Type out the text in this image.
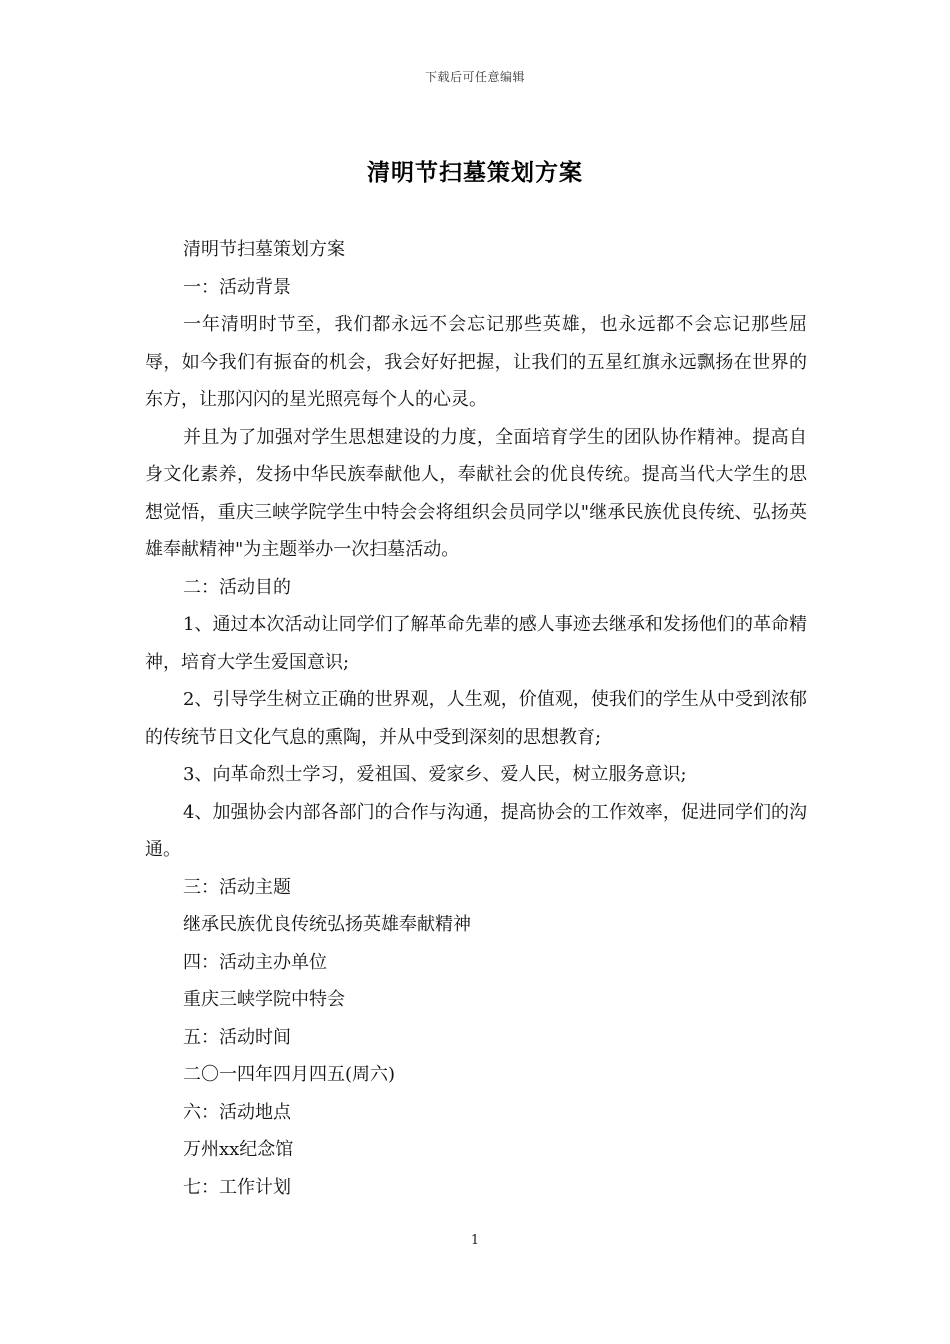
下载后可任意编辑
清明节扫墓策划方案

清明节扫墓策划方案

一：活动背景

一年清明时节至，我们都永远不会忘记那些英雄，也永远都不会忘记那些屈辱，如今我们有振奋的机会，我会好好把握，让我们的五星红旗永远飘扬在世界的东方，让那闪闪的星光照亮每个人的心灵。

并且为了加强对学生思想建设的力度，全面培育学生的团队协作精神。提高自身文化素养，发扬中华民族奉献他人，奉献社会的优良传统。提高当代大学生的思想觉悟，重庆三峡学院学生中特会会将组织会员同学以"继承民族优良传统、弘扬英雄奉献精神"为主题举办一次扫墓活动。

二：活动目的

1、通过本次活动让同学们了解革命先辈的感人事迹去继承和发扬他们的革命精神，培育大学生爱国意识;

2、引导学生树立正确的世界观，人生观，价值观，使我们的学生从中受到浓郁的传统节日文化气息的熏陶，并从中受到深刻的思想教育;

3、向革命烈士学习，爱祖国、爱家乡、爱人民，树立服务意识;

4、加强协会内部各部门的合作与沟通，提高协会的工作效率，促进同学们的沟通。

三：活动主题

继承民族优良传统弘扬英雄奉献精神

四：活动主办单位

重庆三峡学院中特会

五：活动时间

二〇一四年四月四五(周六)

六：活动地点

万州xx纪念馆

七：工作计划

1
